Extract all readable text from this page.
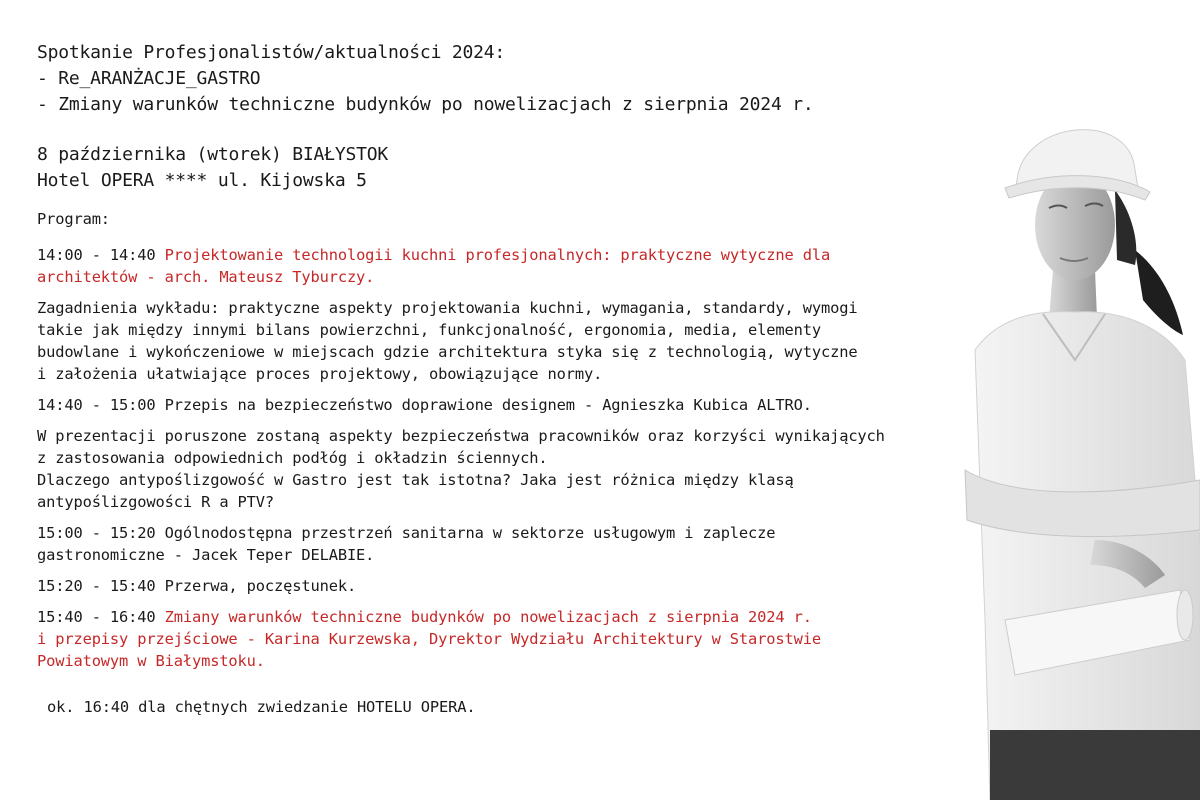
Spotkanie Profesjonalistów/aktualności 2024:
- Re_ARANŻACJE_GASTRO
- Zmiany warunków techniczne budynków po nowelizacjach z sierpnia 2024 r.
8 października (wtorek) BIAŁYSTOK
Hotel OPERA **** ul. Kijowska 5
Program:
14:00 - 14:40 Projektowanie technologii kuchni profesjonalnych: praktyczne wytyczne dla
architektów - arch. Mateusz Tyburczy.
Zagadnienia wykładu: praktyczne aspekty projektowania kuchni, wymagania, standardy, wymogi
takie jak między innymi bilans powierzchni, funkcjonalność, ergonomia, media, elementy
budowlane i wykończeniowe w miejscach gdzie architektura styka się z technologią, wytyczne
i założenia ułatwiające proces projektowy, obowiązujące normy.
14:40 - 15:00 Przepis na bezpieczeństwo doprawione designem - Agnieszka Kubica ALTRO.
W prezentacji poruszone zostaną aspekty bezpieczeństwa pracowników oraz korzyści wynikających
z zastosowania odpowiednich podłóg i okładzin ściennych.
Dlaczego antypoślizgowość w Gastro jest tak istotna? Jaka jest różnica między klasą
antypoślizgowości R a PTV?
15:00 - 15:20 Ogólnodostępna przestrzeń sanitarna w sektorze usługowym i zaplecze
gastronomiczne - Jacek Teper DELABIE.
15:20 - 15:40 Przerwa, poczęstunek.
15:40 - 16:40 Zmiany warunków techniczne budynków po nowelizacjach z sierpnia 2024 r.
i przepisy przejściowe - Karina Kurzewska, Dyrektor Wydziału Architektury w Starostwie
Powiatowym w Białymstoku.
ok. 16:40 dla chętnych zwiedzanie HOTELU OPERA.
